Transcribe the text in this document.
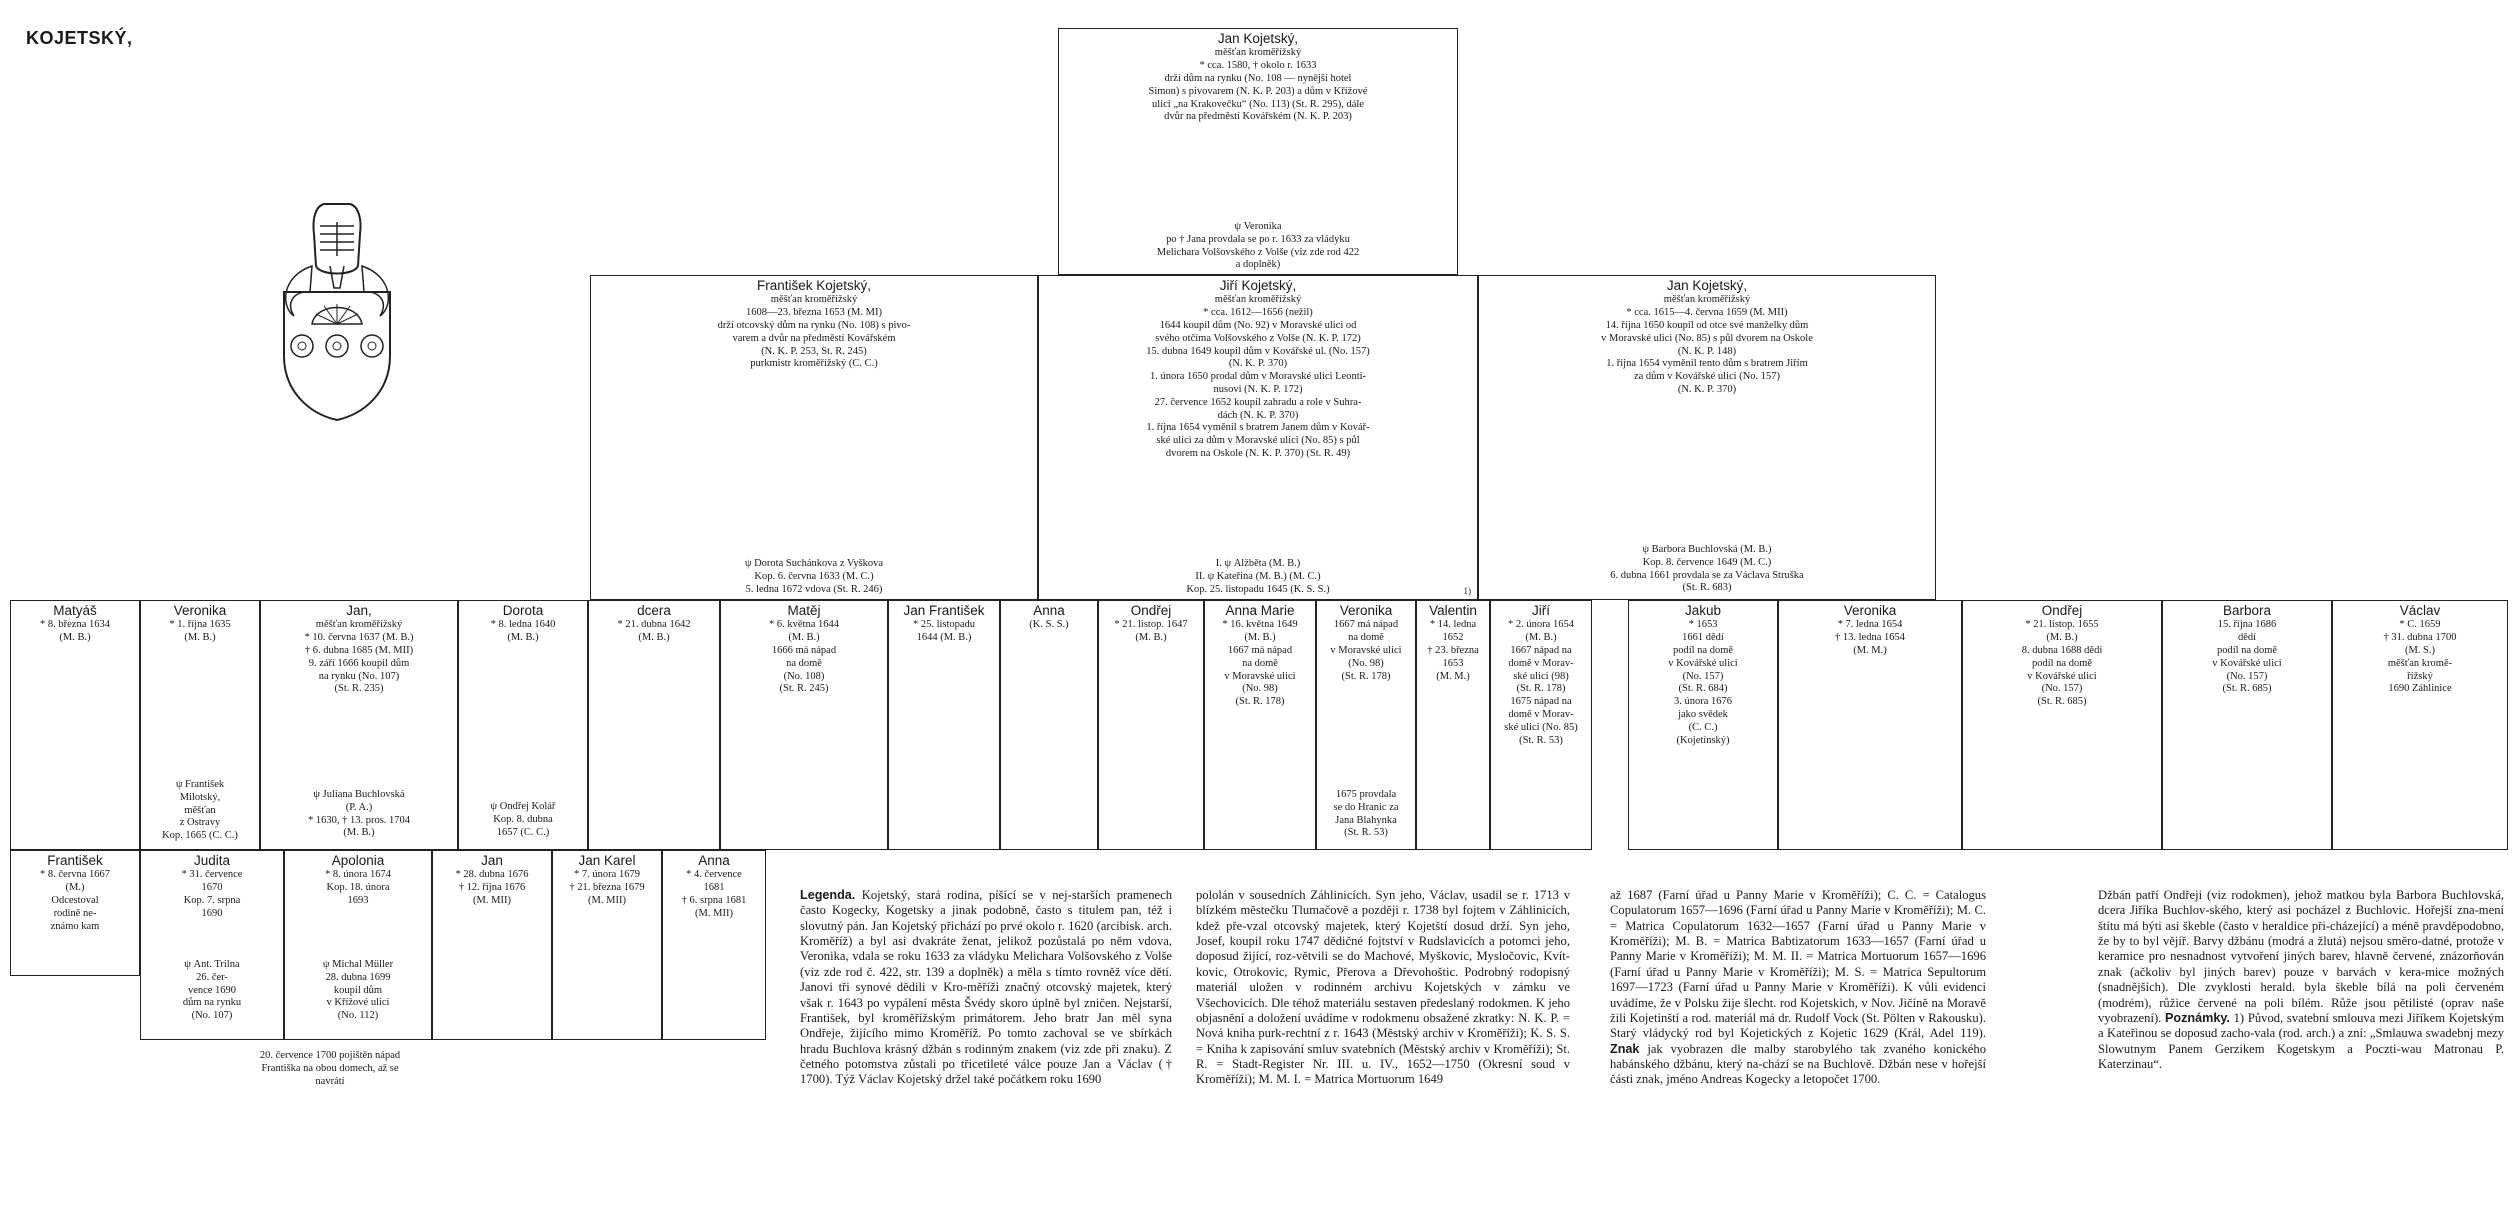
KOJETSKÝ,	Jan Kojetský,
měšťan kroměřížský
* cca. 1580, † okolo r. 1633
drží dům na rynku (No. 108 — nynější hotel
Simon) s pivovarem (N. K. P. 203) a dům v Křížové
ulici „na Krakovečku“ (No. 113) (St. R. 295), dále
dvůr na předměstí Kovářském (N. K. P. 203)
ψ Veronika
po † Jana provdala se po r. 1633 za vládyku
Melichara Volšovského z Volše (viz zde rod 422
a doplněk)
František Kojetský,
měšťan kroměřížský
1608—23. března 1653 (M. MI)
drží otcovský dům na rynku (No. 108) s pivo-
varem a dvůr na předměstí Kovářském
(N. K. P. 253, St. R. 245)
purkmistr kroměřížský (C. C.)
ψ Dorota Suchánkova z Vyškova
Kop. 6. června 1633 (M. C.)
5. ledna 1672 vdova (St. R. 246)
Jiří Kojetský,
měšťan kroměřížský
* cca. 1612—1656 (nežil)
1644 koupil dům (No. 92) v Moravské ulici od
svého otčíma Volšovského z Volše (N. K. P. 172)
15. dubna 1649 koupil dům v Kovářské ul. (No. 157)
(N. K. P. 370)
1. února 1650 prodal dům v Moravské ulici Leonti-
nusovi (N. K. P. 172)
27. července 1652 koupil zahradu a role v Suhra-
dách (N. K. P. 370)
1. října 1654 vyměnil s bratrem Janem dům v Kovář-
ské ulici za dům v Moravské ulici (No. 85) s půl
dvorem na Oskole (N. K. P. 370) (St. R. 49)
I. ψ Alžběta (M. B.)
II. ψ Kateřina (M. B.) (M. C.)
Kop. 25. listopadu 1645 (K. S. S.)	1)
Jan Kojetský,
měšťan kroměřížský
* cca. 1615—4. června 1659 (M. MII)
14. října 1650 koupil od otce své manželky dům
v Moravské ulici (No. 85) s půl dvorem na Oskole
(N. K. P. 148)
1. října 1654 vyměnil tento dům s bratrem Jiřím
za dům v Kovářské ulici (No. 157)
(N. K. P. 370)
ψ Barbora Buchlovská (M. B.)
Kop. 8. července 1649 (M. C.)
6. dubna 1661 provdala se za Václava Struška
(St. R. 683)
Matyáš
* 8. března 1634
(M. B.)
Veronika
* 1. října 1635
(M. B.)
ψ František
Milotský,
měšťan
z Ostravy
Kop. 1665 (C. C.)
Jan,
měšťan kroměřížský
* 10. června 1637 (M. B.)
† 6. dubna 1685 (M. MII)
9. září 1666 koupil dům
na rynku (No. 107)
(St. R. 235)
ψ Juliana Buchlovská
(P. A.)
* 1630, † 13. pros. 1704
(M. B.)
Dorota
* 8. ledna 1640
(M. B.)
ψ Ondřej Kolář
Kop. 8. dubna
1657 (C. C.)
dcera
* 21. dubna 1642
(M. B.)
Matěj
* 6. května 1644
(M. B.)
1666 má nápad
na domě
(No. 108)
(St. R. 245)
Jan František
* 25. listopadu
1644 (M. B.)
Anna
(K. S. S.)
Ondřej
* 21. listop. 1647
(M. B.)
Anna Marie
* 16. května 1649
(M. B.)
1667 má nápad
na domě
v Moravské ulici
(No. 98)
(St. R. 178)
Veronika
1667 má nápad
na domě
v Moravské ulici
(No. 98)
(St. R. 178)
1675 provdala
se do Hranic za
Jana Blahynka
(St. R. 53)
Valentin
* 14. ledna
1652
† 23. března
1653
(M. M.)
Jiří
* 2. února 1654
(M. B.)
1667 nápad na
domě v Morav-
ské ulici (98)
(St. R. 178)
1675 nápad na
domě v Morav-
ské ulici (No. 85)
(St. R. 53)
Jakub
* 1653
1661 dědí
podíl na domě
v Kovářské ulici
(No. 157)
(St. R. 684)
3. února 1676
jako svědek
(C. C.)
(Kojetínský)
Veronika
* 7. ledna 1654
† 13. ledna 1654
(M. M.)
Ondřej
* 21. listop. 1655
(M. B.)
8. dubna 1688 dědí
podíl na domě
v Kovářské ulici
(No. 157)
(St. R. 685)
Barbora
15. října 1686
dědí
podíl na domě
v Kovářské ulici
(No. 157)
(St. R. 685)
Václav
* C. 1659
† 31. dubna 1700
(M. S.)
měšťan kromě-
řížský
1690 Záhlinice
František
* 8. června 1667
(M.)
Odcestoval
rodině ne-
známo kam
Judita
* 31. července
1670
Kop. 7. srpna
1690
ψ Ant. Trilna
26. čer-
vence 1690
dům na rynku
(No. 107)
Apolonia
* 8. února 1674
Kop. 18. února
1693
ψ Michal Müller
28. dubna 1699
koupil dům
v Křížové ulici
(No. 112)
Jan
* 28. dubna 1676
† 12. října 1676
(M. MII)
Jan Karel
* 7. února 1679
† 21. března 1679
(M. MII)
Anna
* 4. července
1681
† 6. srpna 1681
(M. MII)
20. července 1700 pojištěn nápad
Františka na obou domech, až se
navrátí
Legenda. Kojetský, stará rodina, píšící se v nej-starších pramenech často Kogecky, Kogetsky a jinak podobně, často s titulem pan, též i slovutný pán. Jan Kojetský přichází po prvé okolo r. 1620 (arcibisk. arch. Kroměříž) a byl asi dvakráte ženat, jelikož pozůstalá po něm vdova, Veronika, vdala se roku 1633 za vládyku Melichara Volšovského z Volše (viz zde rod č. 422, str. 139 a doplněk) a měla s tímto rovněž více dětí. Janovi tři synové dědili v Kro-měříži značný otcovský majetek, který však r. 1643 po vypálení města Švédy skoro úplně byl zničen. Nejstarší, František, byl kroměřížským primátorem. Jeho bratr Jan měl syna Ondřeje, žijícího mimo Kroměříž. Po tomto zachoval se ve sbírkách hradu Buchlova krásný džbán s rodinným znakem (viz zde při znaku). Z četného potomstva zůstali po třicetileté válce pouze Jan a Václav († 1700). Týž Václav Kojetský držel také počátkem roku 1690
pololán v sousedních Záhlinicích. Syn jeho, Václav, usadil se r. 1713 v blízkém městečku Tlumačově a později r. 1738 byl fojtem v Záhlinicích, kdež pře-vzal otcovský majetek, který Kojetští dosud drží. Syn jeho, Josef, koupil roku 1747 dědičné fojtství v Rudslavicích a potomci jeho, doposud žijící, roz-větvili se do Machové, Myškovic, Mysločovic, Kvít-kovic, Otrokovic, Rymic, Přerova a Dřevohoštic. Podrobný rodopisný materiál uložen v rodinném archivu Kojetských v zámku ve Všechovicích. Dle téhož materiálu sestaven předeslaný rodokmen. K jeho objasnění a doložení uvádíme v rodokmenu obsažené zkratky: N. K. P. = Nová kniha purk-rechtní z r. 1643 (Městský archiv v Kroměříži); K. S. S. = Kniha k zapisování smluv svatebních (Městský archiv v Kroměříži); St. R. = Stadt-Register Nr. III. u. IV., 1652—1750 (Okresní soud v Kroměříži); M. M. I. = Matrica Mortuorum 1649
až 1687 (Farní úřad u Panny Marie v Kroměříži); C. C. = Catalogus Copulatorum 1657—1696 (Farní úřad u Panny Marie v Kroměříži); M. C. = Matrica Copulatorum 1632—1657 (Farní úřad u Panny Marie v Kroměříži); M. B. = Matrica Babtizatorum 1633—1657 (Farní úřad u Panny Marie v Kroměříži); M. M. II. = Matrica Mortuorum 1657—1696 (Farní úřad u Panny Marie v Kroměříži); M. S. = Matrica Sepultorum 1697—1723 (Farní úřad u Panny Marie v Kroměříži). K vůli evidenci uvádíme, že v Polsku žije šlecht. rod Kojetskich, v Nov. Jičíně na Moravě žili Kojetinští a rod. materiál má dr. Rudolf Vock (St. Pölten v Rakousku). Starý vládycký rod byl Kojetických z Kojetic 1629 (Král, Adel 119). Znak jak vyobrazen dle malby starobylého tak zvaného konického habánského džbánu, který na-chází se na Buchlově. Džbán nese v hořejší části znak, jméno Andreas Kogecky a letopočet 1700.
Džbán patří Ondřeji (viz rodokmen), jehož matkou byla Barbora Buchlovská, dcera Jiříka Buchlov-ského, který asi pocházel z Buchlovic. Hořejší zna-mení štítu má býti asi škeble (často v heraldice při-cházející) a méně pravděpodobno, že by to byl vějíř. Barvy džbánu (modrá a žlutá) nejsou směro-datné, protože v keramice pro nesnadnost vytvoření jiných barev, hlavně červené, znázorňován znak (ačkoliv byl jiných barev) pouze v barvách v kera-mice možných (snadnějších). Dle zvyklosti herald. byla škeble bílá na poli červeném (modrém), růžice červené na poli bílém. Růže jsou pětilisté (oprav naše vyobrazení). Poznámky. 1) Původ, svatební smlouva mezi Jiříkem Kojetským a Kateřinou se doposud zacho-vala (rod. arch.) a zní: „Smlauwa swadebnj mezy Slowutnym Panem Gerzikem Kogetskym a Poczti-wau Matronau P. Katerzinau“.
